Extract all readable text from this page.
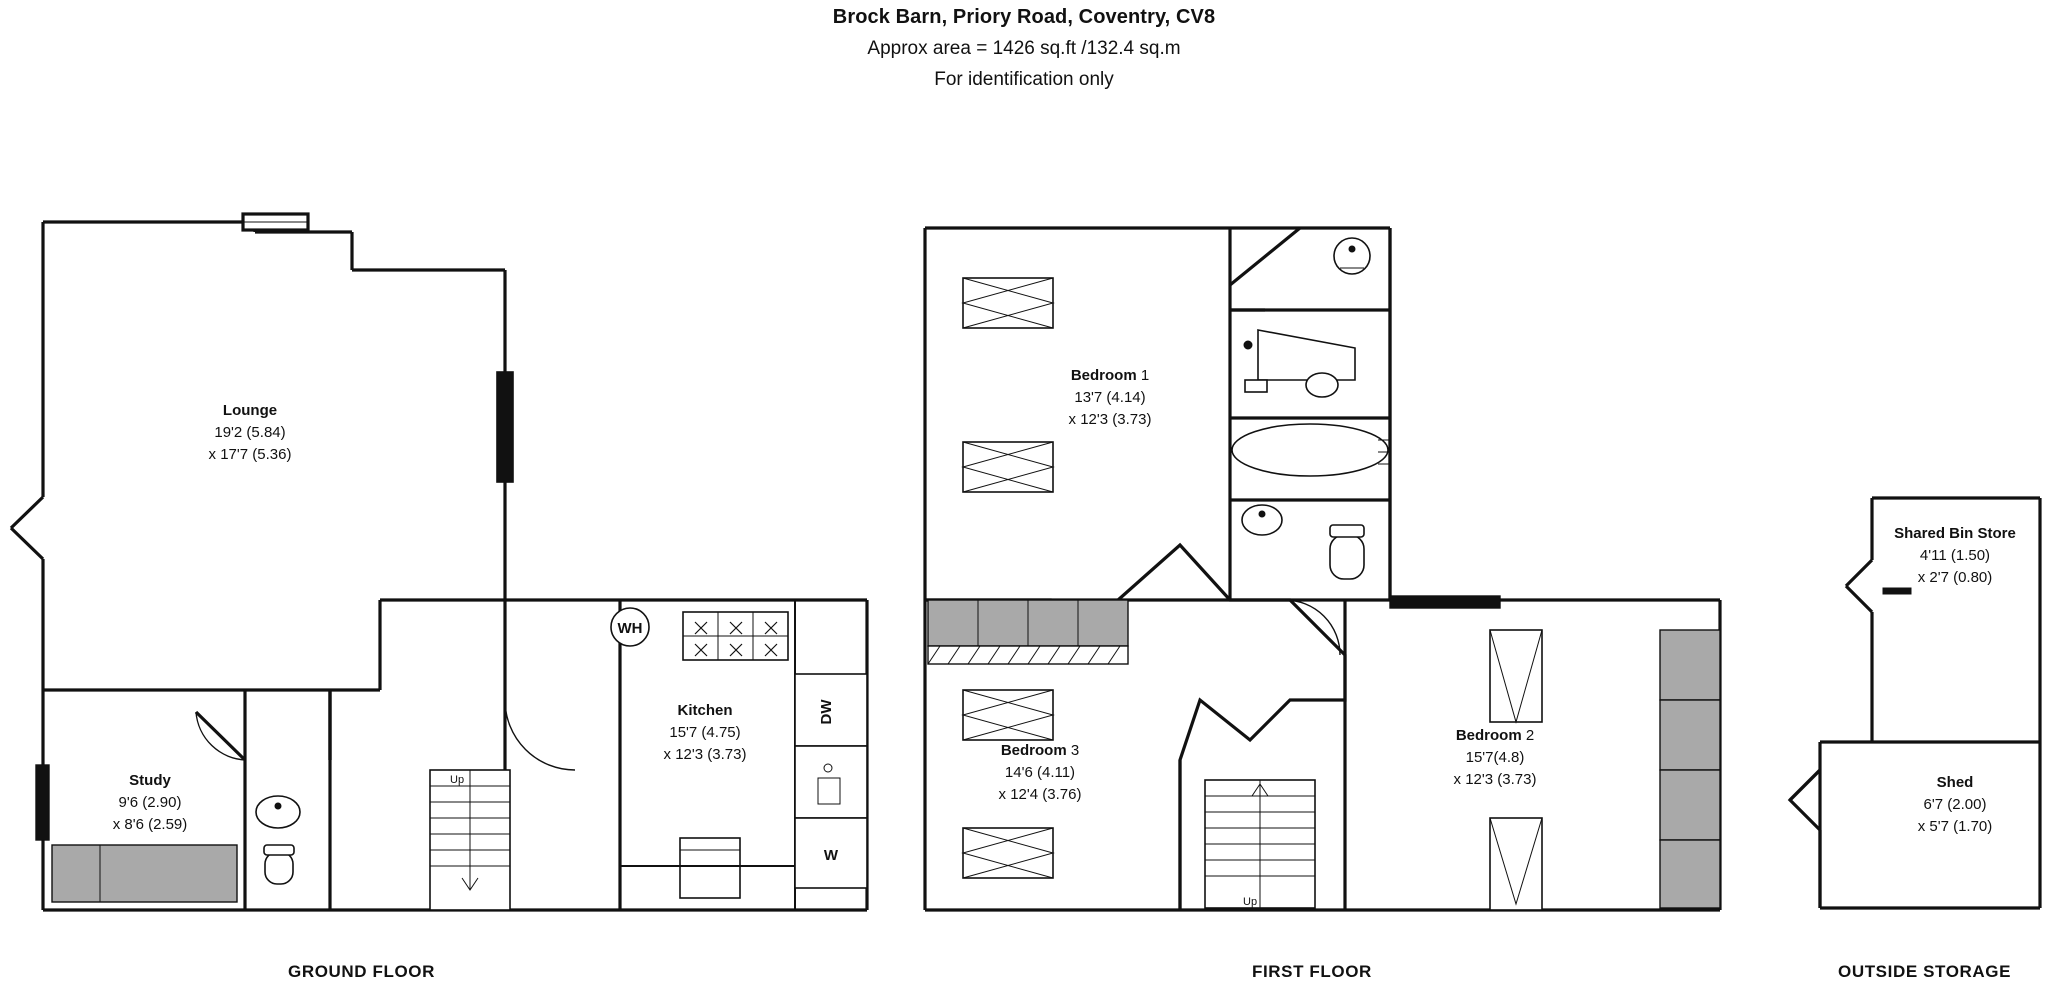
Brock Barn, Priory Road, Coventry, CV8
Approx area = 1426 sq.ft /132.4 sq.m
For identification only
Up
WH
DW
W
Up
Lounge
19'2 (5.84)
x 17'7 (5.36)
Study
9'6 (2.90)
x 8'6 (2.59)
Kitchen
15'7 (4.75)
x 12'3 (3.73)
Bedroom 1
13'7 (4.14)
x 12'3 (3.73)
Bedroom 3
14'6 (4.11)
x 12'4 (3.76)
Bedroom 2
15'7(4.8)
x 12'3 (3.73)
Shared Bin Store
4'11 (1.50)
x 2'7 (0.80)
Shed
6'7 (2.00)
x 5'7 (1.70)
GROUND FLOOR	FIRST FLOOR	OUTSIDE STORAGE
